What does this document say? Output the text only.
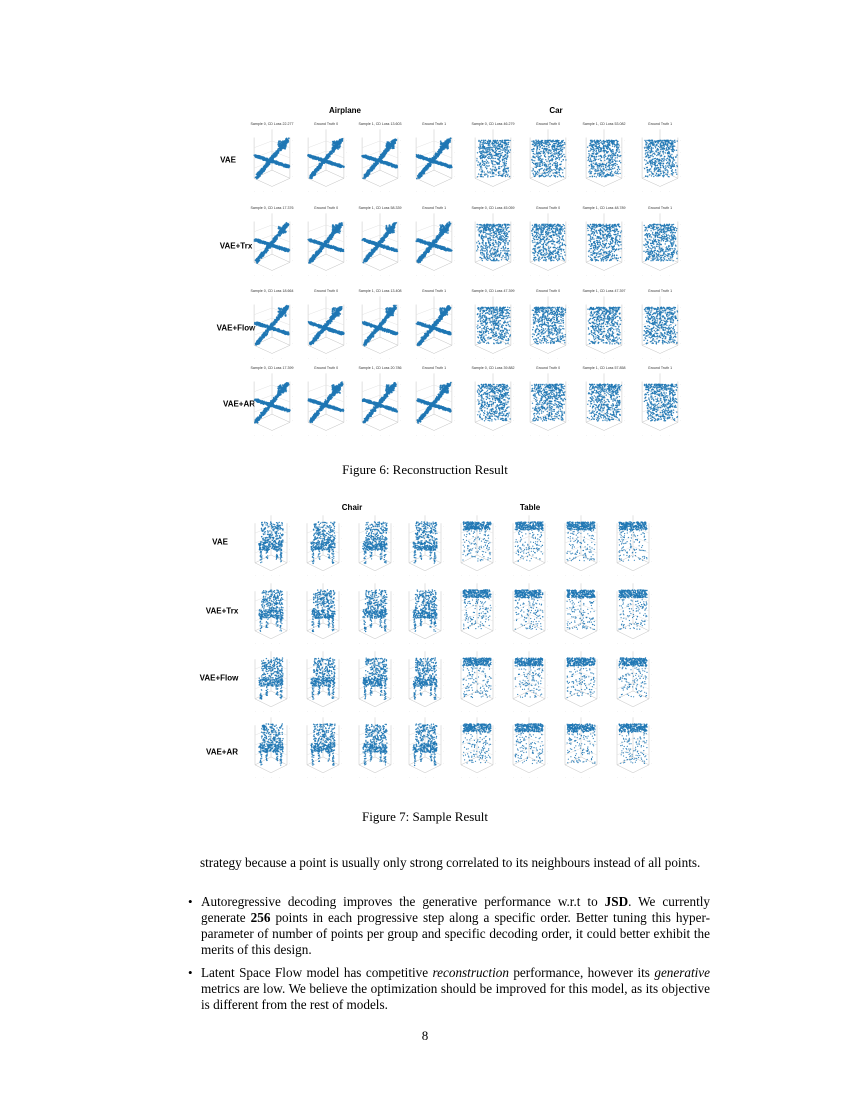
Airplane	Car
VAE
VAE+Trx
VAE+Flow
VAE+AR
·
·
·
·
·
·
·
·
Sample 0, CD Loss 22.277
·
·
·
·
·
·
·
·
Ground Truth 0
·
·
·
·
·
·
·
·
Sample 1, CD Loss 13.603
·
·
·
·
·
·
·
·
Ground Truth 1
·
·
·
·
·
·
·
·
Sample 0, CD Loss 46.279
·
·
·
·
·
·
·
·
Ground Truth 0
·
·
·
·
·
·
·
·
Sample 1, CD Loss 53.082
·
·
·
·
·
·
·
·
Ground Truth 1
·
·
·
·
·
·
·
·
Sample 0, CD Loss 17.376
·
·
·
·
·
·
·
·
Ground Truth 0
·
·
·
·
·
·
·
·
Sample 1, CD Loss 58.339
·
·
·
·
·
·
·
·
Ground Truth 1
·
·
·
·
·
·
·
·
Sample 0, CD Loss 45.059
·
·
·
·
·
·
·
·
Ground Truth 0
·
·
·
·
·
·
·
·
Sample 1, CD Loss 48.789
·
·
·
·
·
·
·
·
Ground Truth 1
·
·
·
·
·
·
·
·
Sample 0, CD Loss 18.664
·
·
·
·
·
·
·
·
Ground Truth 0
·
·
·
·
·
·
·
·
Sample 1, CD Loss 13.408
·
·
·
·
·
·
·
·
Ground Truth 1
·
·
·
·
·
·
·
·
Sample 0, CD Loss 47.399
·
·
·
·
·
·
·
·
Ground Truth 0
·
·
·
·
·
·
·
·
Sample 1, CD Loss 47.397
·
·
·
·
·
·
·
·
Ground Truth 1
·
·
·
·
·
·
·
·
Sample 0, CD Loss 17.399
·
·
·
·
·
·
·
·
Ground Truth 0
·
·
·
·
·
·
·
·
Sample 1, CD Loss 20.786
·
·
·
·
·
·
·
·
Ground Truth 1
·
·
·
·
·
·
·
·
Sample 0, CD Loss 39.882
·
·
·
·
·
·
·
·
Ground Truth 0
·
·
·
·
·
·
·
·
Sample 1, CD Loss 57.858
·
·
·
·
·
·
·
·
Ground Truth 1
Figure 6: Reconstruction Result
Chair	Table
VAE
VAE+Trx
VAE+Flow
VAE+AR
·
·
·
·
·
·
·
·
·
·
·
·
·
·
·
·
·
·
·
·
·
·
·
·
·
·
·
·
·
·
·
·
·
·
·
·
·
·
·
·
·
·
·
·
·
·
·
·
·
·
·
·
·
·
·
·
·
·
·
·
·
·
·
·
·
·
·
·
·
·
·
·
·
·
·
·
·
·
·
·
·
·
·
·
·
·
·
·
·
·
·
·
·
·
·
·
·
·
·
·
·
·
·
·
·
·
·
·
·
·
·
·
·
·
·
·
·
·
·
·
·
·
·
·
·
·
·
·
·
·
·
·
·
·
·
·
·
·
·
·
·
·
·
·
·
·
·
·
·
·
·
·
·
·
·
·
·
·
·
·
·
·
·
·
·
·
·
·
·
·
·
·
·
·
·
·
·
·
·
·
·
·
·
·
·
·
·
·
·
·
·
·
·
·
·
·
·
·
·
·
·
·
·
·
·
·
·
·
·
·
·
·
·
·
·
·
·
·
·
·
·
·
·
·
·
·
·
·
·
·
·
·
·
·
·
·
·
·
·
·
·
·
·
·
·
·
·
·
·
·
·
·
·
·
·
·
Figure 7: Sample Result
strategy because a point is usually only strong correlated to its neighbours instead of all points.
• Autoregressive decoding improves the generative performance w.r.t to JSD. We currently generate 256 points in each progressive step along a specific order. Better tuning this hyper-parameter of number of points per group and specific decoding order, it could better exhibit the merits of this design.
• Latent Space Flow model has competitive reconstruction performance, however its generative metrics are low. We believe the optimization should be improved for this model, as its objective is different from the rest of models.
8
